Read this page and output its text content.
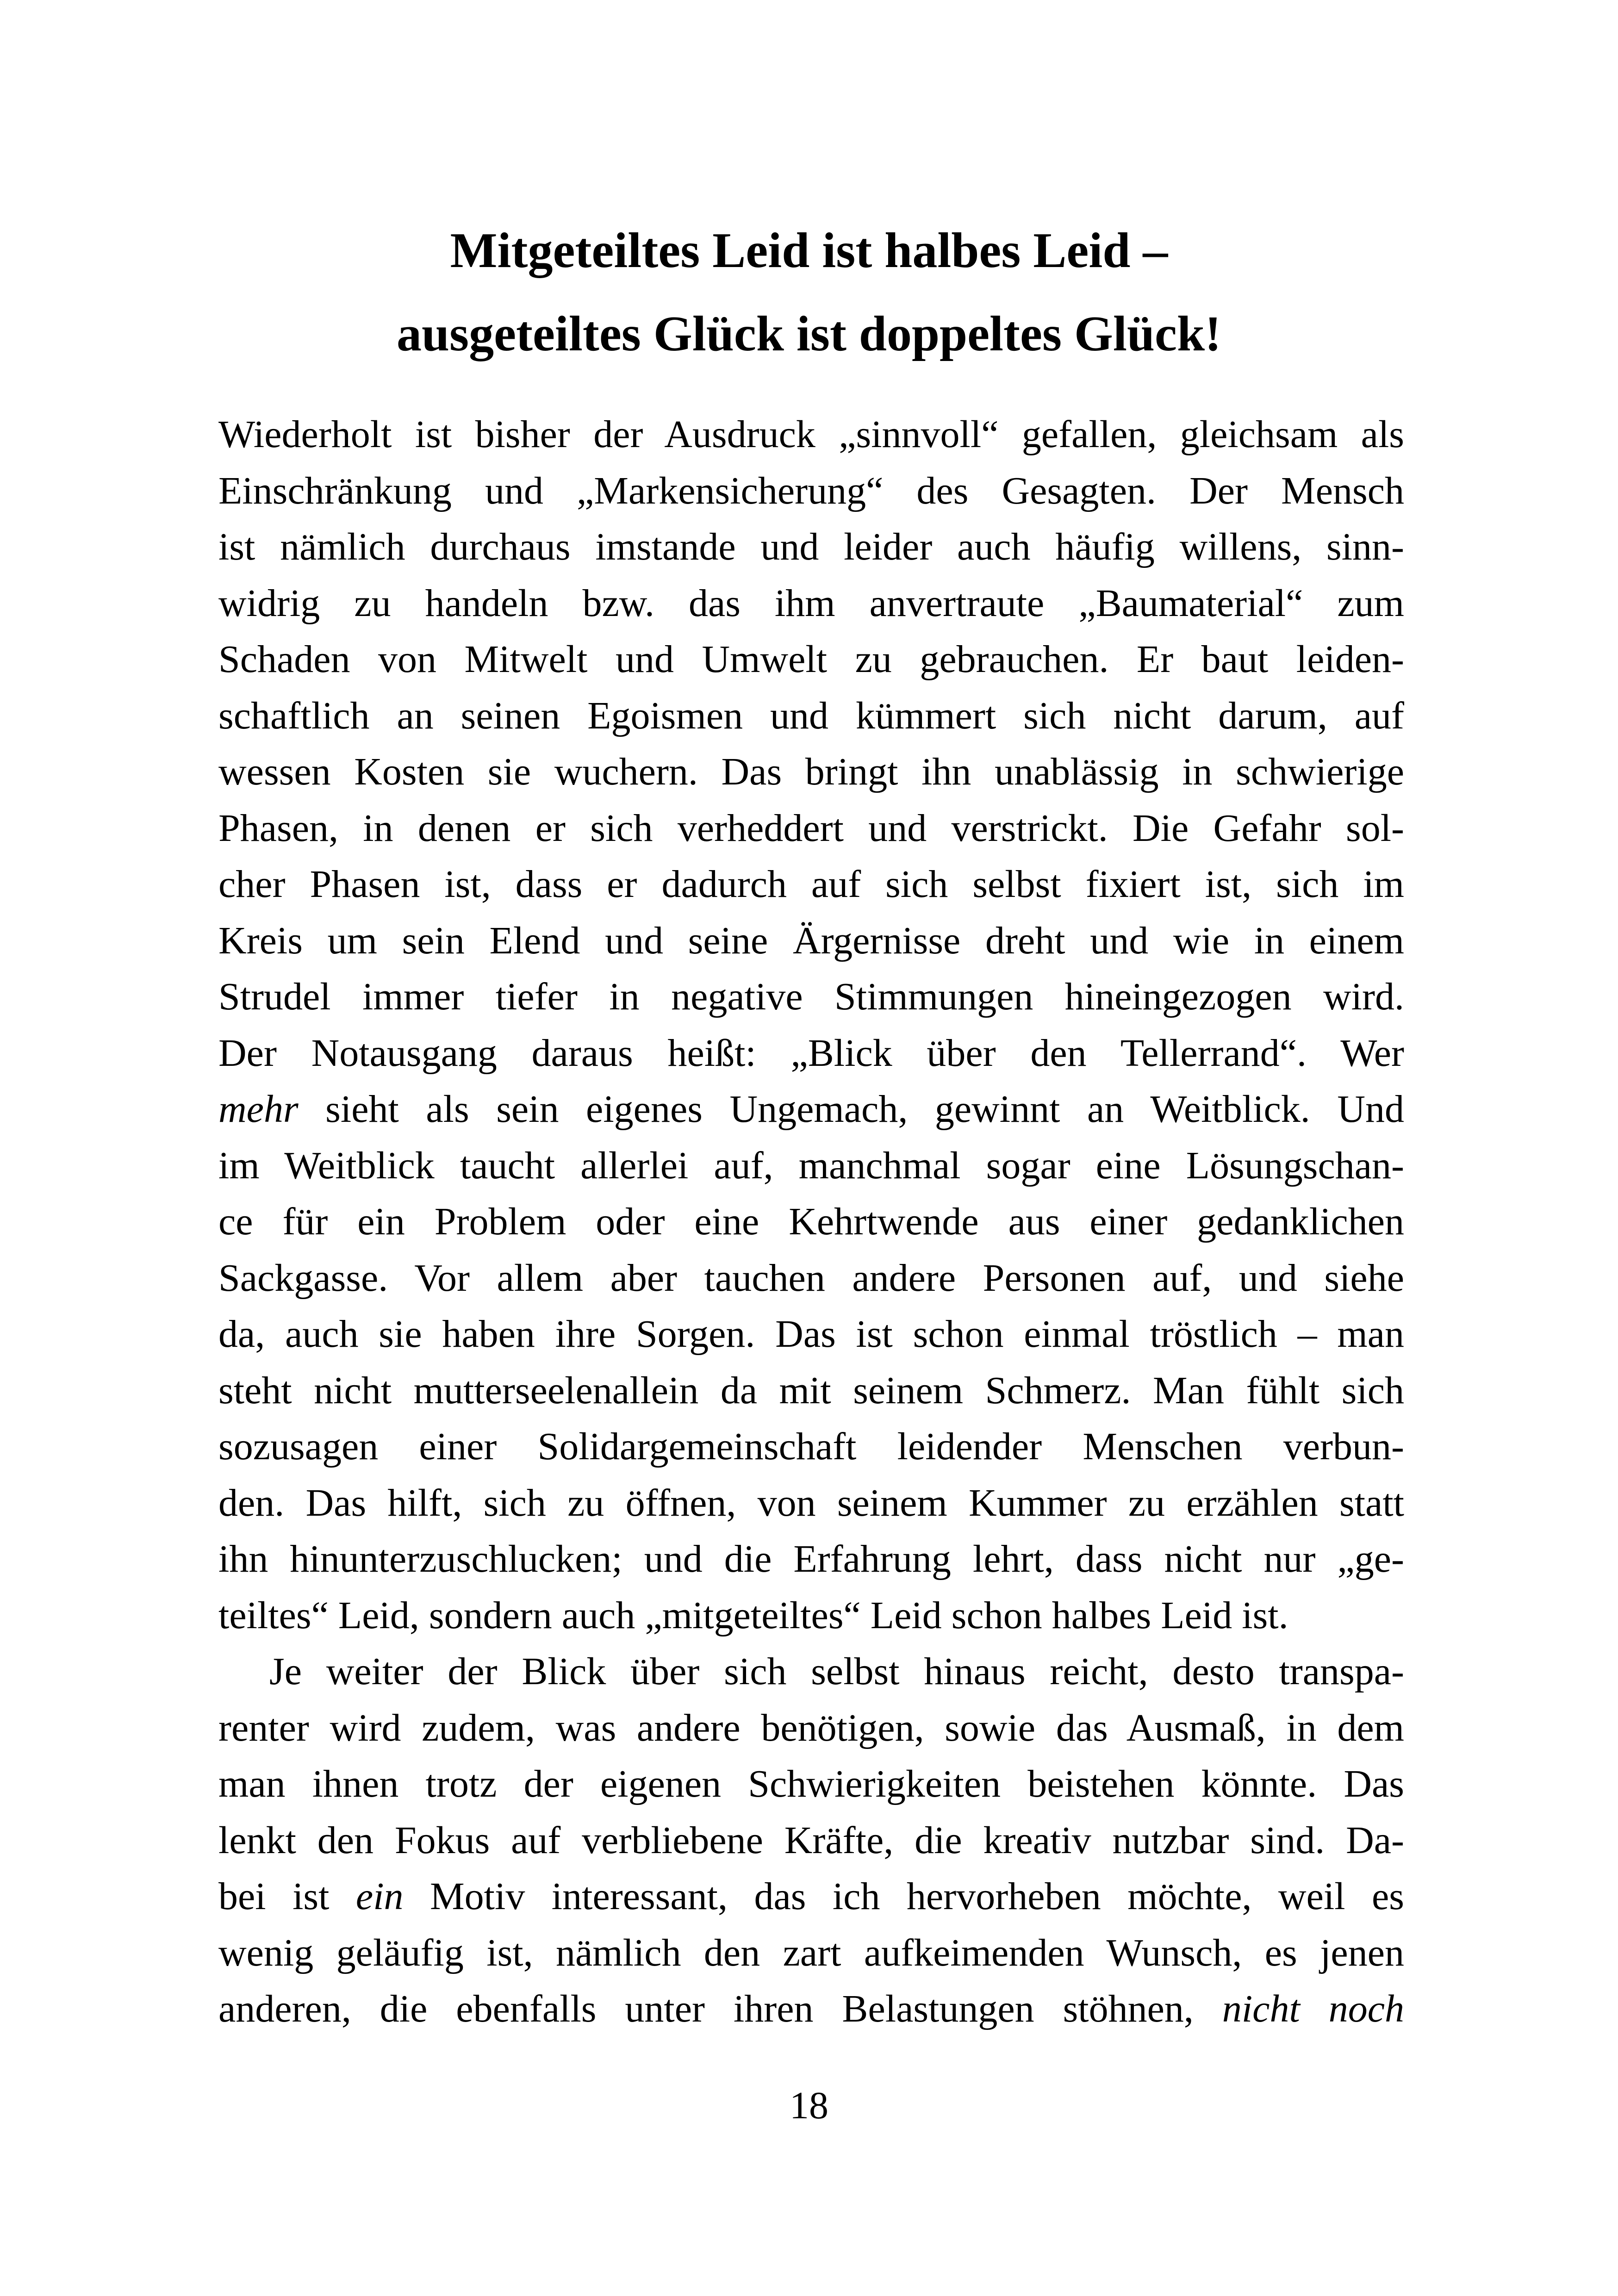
Mitgeteiltes Leid ist halbes Leid –
ausgeteiltes Glück ist doppeltes Glück!
Wiederholt ist bisher der Ausdruck „sinnvoll“ gefallen, gleichsam als
Einschränkung und „Markensicherung“ des Gesagten. Der Mensch
ist nämlich durchaus imstande und leider auch häufig willens, sinn-
widrig zu handeln bzw. das ihm anvertraute „Baumaterial“ zum
Schaden von Mitwelt und Umwelt zu gebrauchen. Er baut leiden-
schaftlich an seinen Egoismen und kümmert sich nicht darum, auf
wessen Kosten sie wuchern. Das bringt ihn unablässig in schwierige
Phasen, in denen er sich verheddert und verstrickt. Die Gefahr sol-
cher Phasen ist, dass er dadurch auf sich selbst fixiert ist, sich im
Kreis um sein Elend und seine Ärgernisse dreht und wie in einem
Strudel immer tiefer in negative Stimmungen hineingezogen wird.
Der Notausgang daraus heißt: „Blick über den Tellerrand“. Wer
mehr sieht als sein eigenes Ungemach, gewinnt an Weitblick. Und
im Weitblick taucht allerlei auf, manchmal sogar eine Lösungschan-
ce für ein Problem oder eine Kehrtwende aus einer gedanklichen
Sackgasse. Vor allem aber tauchen andere Personen auf, und siehe
da, auch sie haben ihre Sorgen. Das ist schon einmal tröstlich – man
steht nicht mutterseelenallein da mit seinem Schmerz. Man fühlt sich
sozusagen einer Solidargemeinschaft leidender Menschen verbun-
den. Das hilft, sich zu öffnen, von seinem Kummer zu erzählen statt
ihn hinunterzuschlucken; und die Erfahrung lehrt, dass nicht nur „ge-
teiltes“ Leid, sondern auch „mitgeteiltes“ Leid schon halbes Leid ist.
Je weiter der Blick über sich selbst hinaus reicht, desto transpa-
renter wird zudem, was andere benötigen, sowie das Ausmaß, in dem
man ihnen trotz der eigenen Schwierigkeiten beistehen könnte. Das
lenkt den Fokus auf verbliebene Kräfte, die kreativ nutzbar sind. Da-
bei ist ein Motiv interessant, das ich hervorheben möchte, weil es
wenig geläufig ist, nämlich den zart aufkeimenden Wunsch, es jenen
anderen, die ebenfalls unter ihren Belastungen stöhnen, nicht noch
18
